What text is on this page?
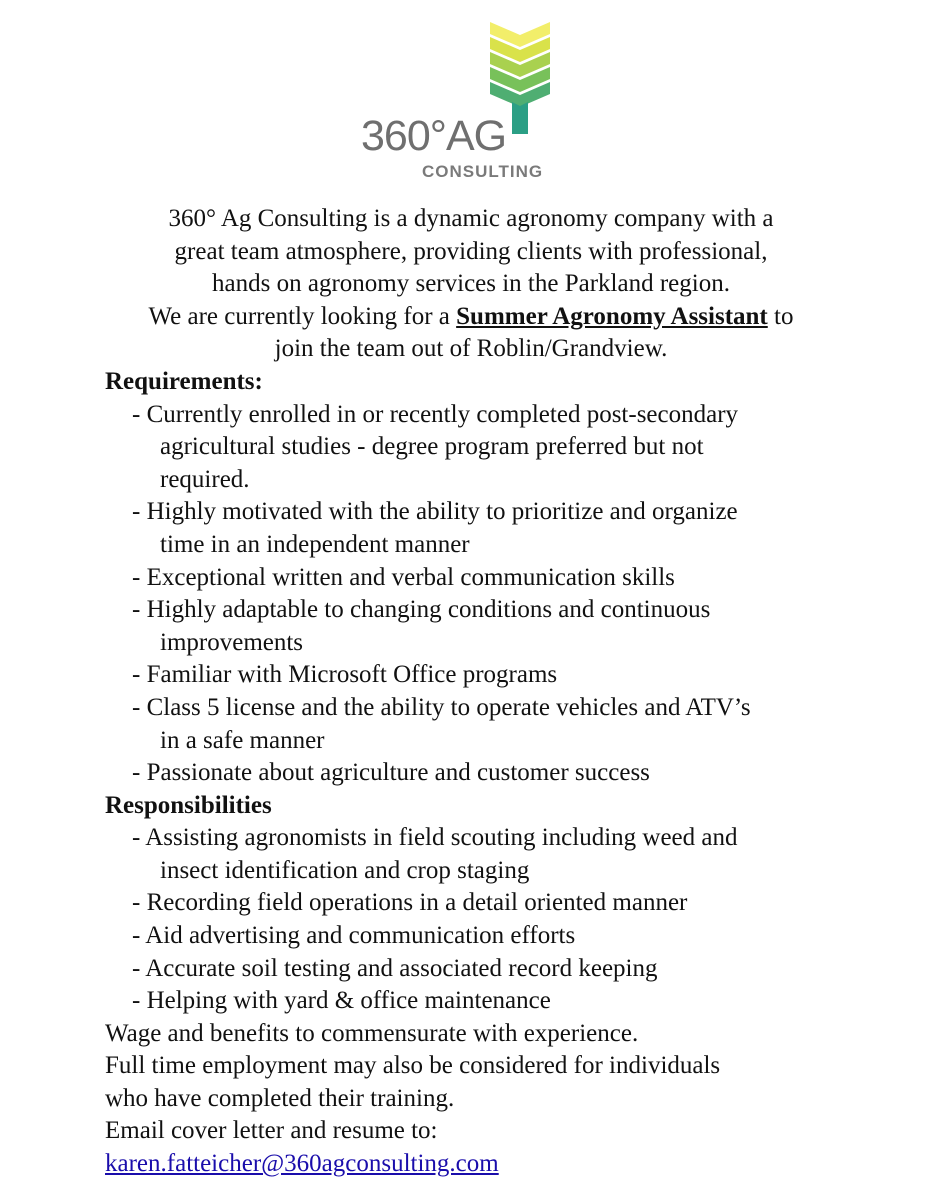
360°AG
CONSULTING
360° Ag Consulting is a dynamic agronomy company with a
great team atmosphere, providing clients with professional,
hands on agronomy services in the Parkland region.
We are currently looking for a Summer Agronomy Assistant to
join the team out of Roblin/Grandview.
Requirements:
- Currently enrolled in or recently completed post-secondary
agricultural studies - degree program preferred but not
required.
- Highly motivated with the ability to prioritize and organize
time in an independent manner
- Exceptional written and verbal communication skills
- Highly adaptable to changing conditions and continuous
improvements
- Familiar with Microsoft Office programs
- Class 5 license and the ability to operate vehicles and ATV’s
in a safe manner
- Passionate about agriculture and customer success
Responsibilities
- Assisting agronomists in field scouting including weed and
insect identification and crop staging
- Recording field operations in a detail oriented manner
- Aid advertising and communication efforts
- Accurate soil testing and associated record keeping
- Helping with yard & office maintenance
Wage and benefits to commensurate with experience.
Full time employment may also be considered for individuals
who have completed their training.
Email cover letter and resume to:
karen.fatteicher@360agconsulting.com
